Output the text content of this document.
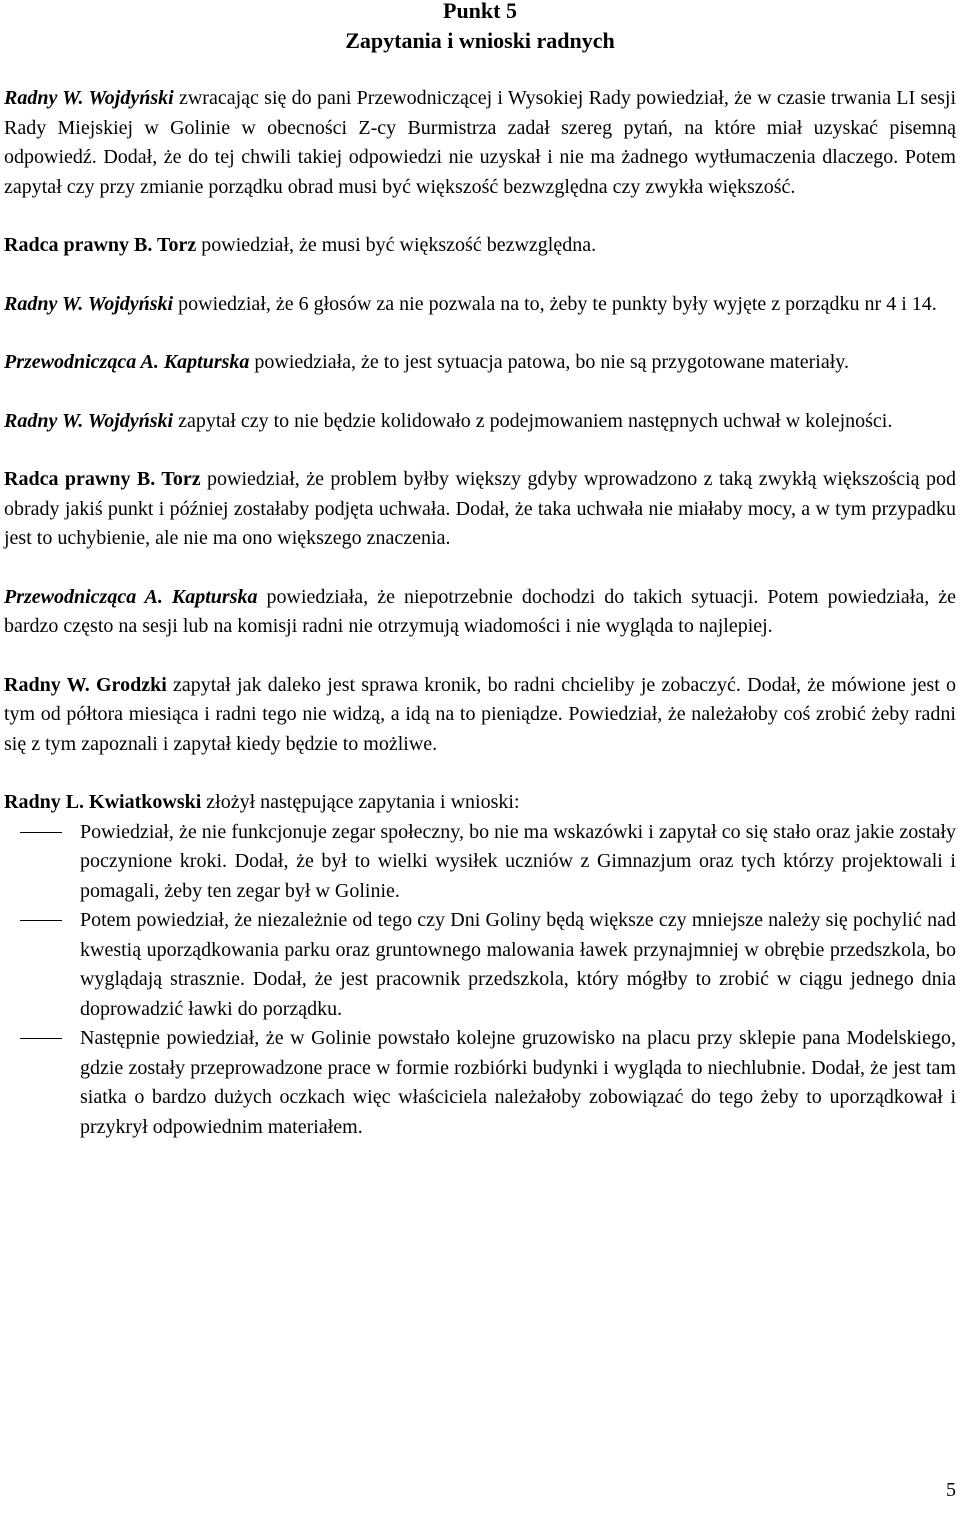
Punkt 5
Zapytania i wnioski radnych

Radny W. Wojdyński zwracając się do pani Przewodniczącej i Wysokiej Rady powiedział, że w czasie trwania LI sesji Rady Miejskiej w Golinie w obecności Z-cy Burmistrza zadał szereg pytań, na które miał uzyskać pisemną odpowiedź. Dodał, że do tej chwili takiej odpowiedzi nie uzyskał i nie ma żadnego wytłumaczenia dlaczego. Potem zapytał czy przy zmianie porządku obrad musi być większość bezwzględna czy zwykła większość.

Radca prawny B. Torz powiedział, że musi być większość bezwzględna.

Radny W. Wojdyński powiedział, że 6 głosów za nie pozwala na to, żeby te punkty były wyjęte z porządku nr 4 i 14.

Przewodnicząca A. Kapturska powiedziała, że to jest sytuacja patowa, bo nie są przygotowane materiały.

Radny W. Wojdyński zapytał czy to nie będzie kolidowało z podejmowaniem następnych uchwał w kolejności.

Radca prawny B. Torz powiedział, że problem byłby większy gdyby wprowadzono z taką zwykłą większością pod obrady jakiś punkt i później zostałaby podjęta uchwała. Dodał, że taka uchwała nie miałaby mocy, a w tym przypadku jest to uchybienie, ale nie ma ono większego znaczenia.

Przewodnicząca A. Kapturska powiedziała, że niepotrzebnie dochodzi do takich sytuacji. Potem powiedziała, że bardzo często na sesji lub na komisji radni nie otrzymują wiadomości i nie wygląda to najlepiej.

Radny W. Grodzki zapytał jak daleko jest sprawa kronik, bo radni chcieliby je zobaczyć. Dodał, że mówione jest o tym od półtora miesiąca i radni tego nie widzą, a idą na to pieniądze. Powiedział, że należałoby coś zrobić żeby radni się z tym zapoznali i zapytał kiedy będzie to możliwe.

Radny L. Kwiatkowski złożył następujące zapytania i wnioski:

Powiedział, że nie funkcjonuje zegar społeczny, bo nie ma wskazówki i zapytał co się stało oraz jakie zostały poczynione kroki. Dodał, że był to wielki wysiłek uczniów z Gimnazjum oraz tych którzy projektowali i pomagali, żeby ten zegar był w Golinie.
Potem powiedział, że niezależnie od tego czy Dni Goliny będą większe czy mniejsze należy się pochylić nad kwestią uporządkowania parku oraz gruntownego malowania ławek przynajmniej w obrębie przedszkola, bo wyglądają strasznie. Dodał, że jest pracownik przedszkola, który mógłby to zrobić w ciągu jednego dnia doprowadzić ławki do porządku.
Następnie powiedział, że w Golinie powstało kolejne gruzowisko na placu przy sklepie pana Modelskiego, gdzie zostały przeprowadzone prace w formie rozbiórki budynki i wygląda to niechlubnie. Dodał, że jest tam siatka o bardzo dużych oczkach więc właściciela należałoby zobowiązać do tego żeby to uporządkował i przykrył odpowiednim materiałem.
5
